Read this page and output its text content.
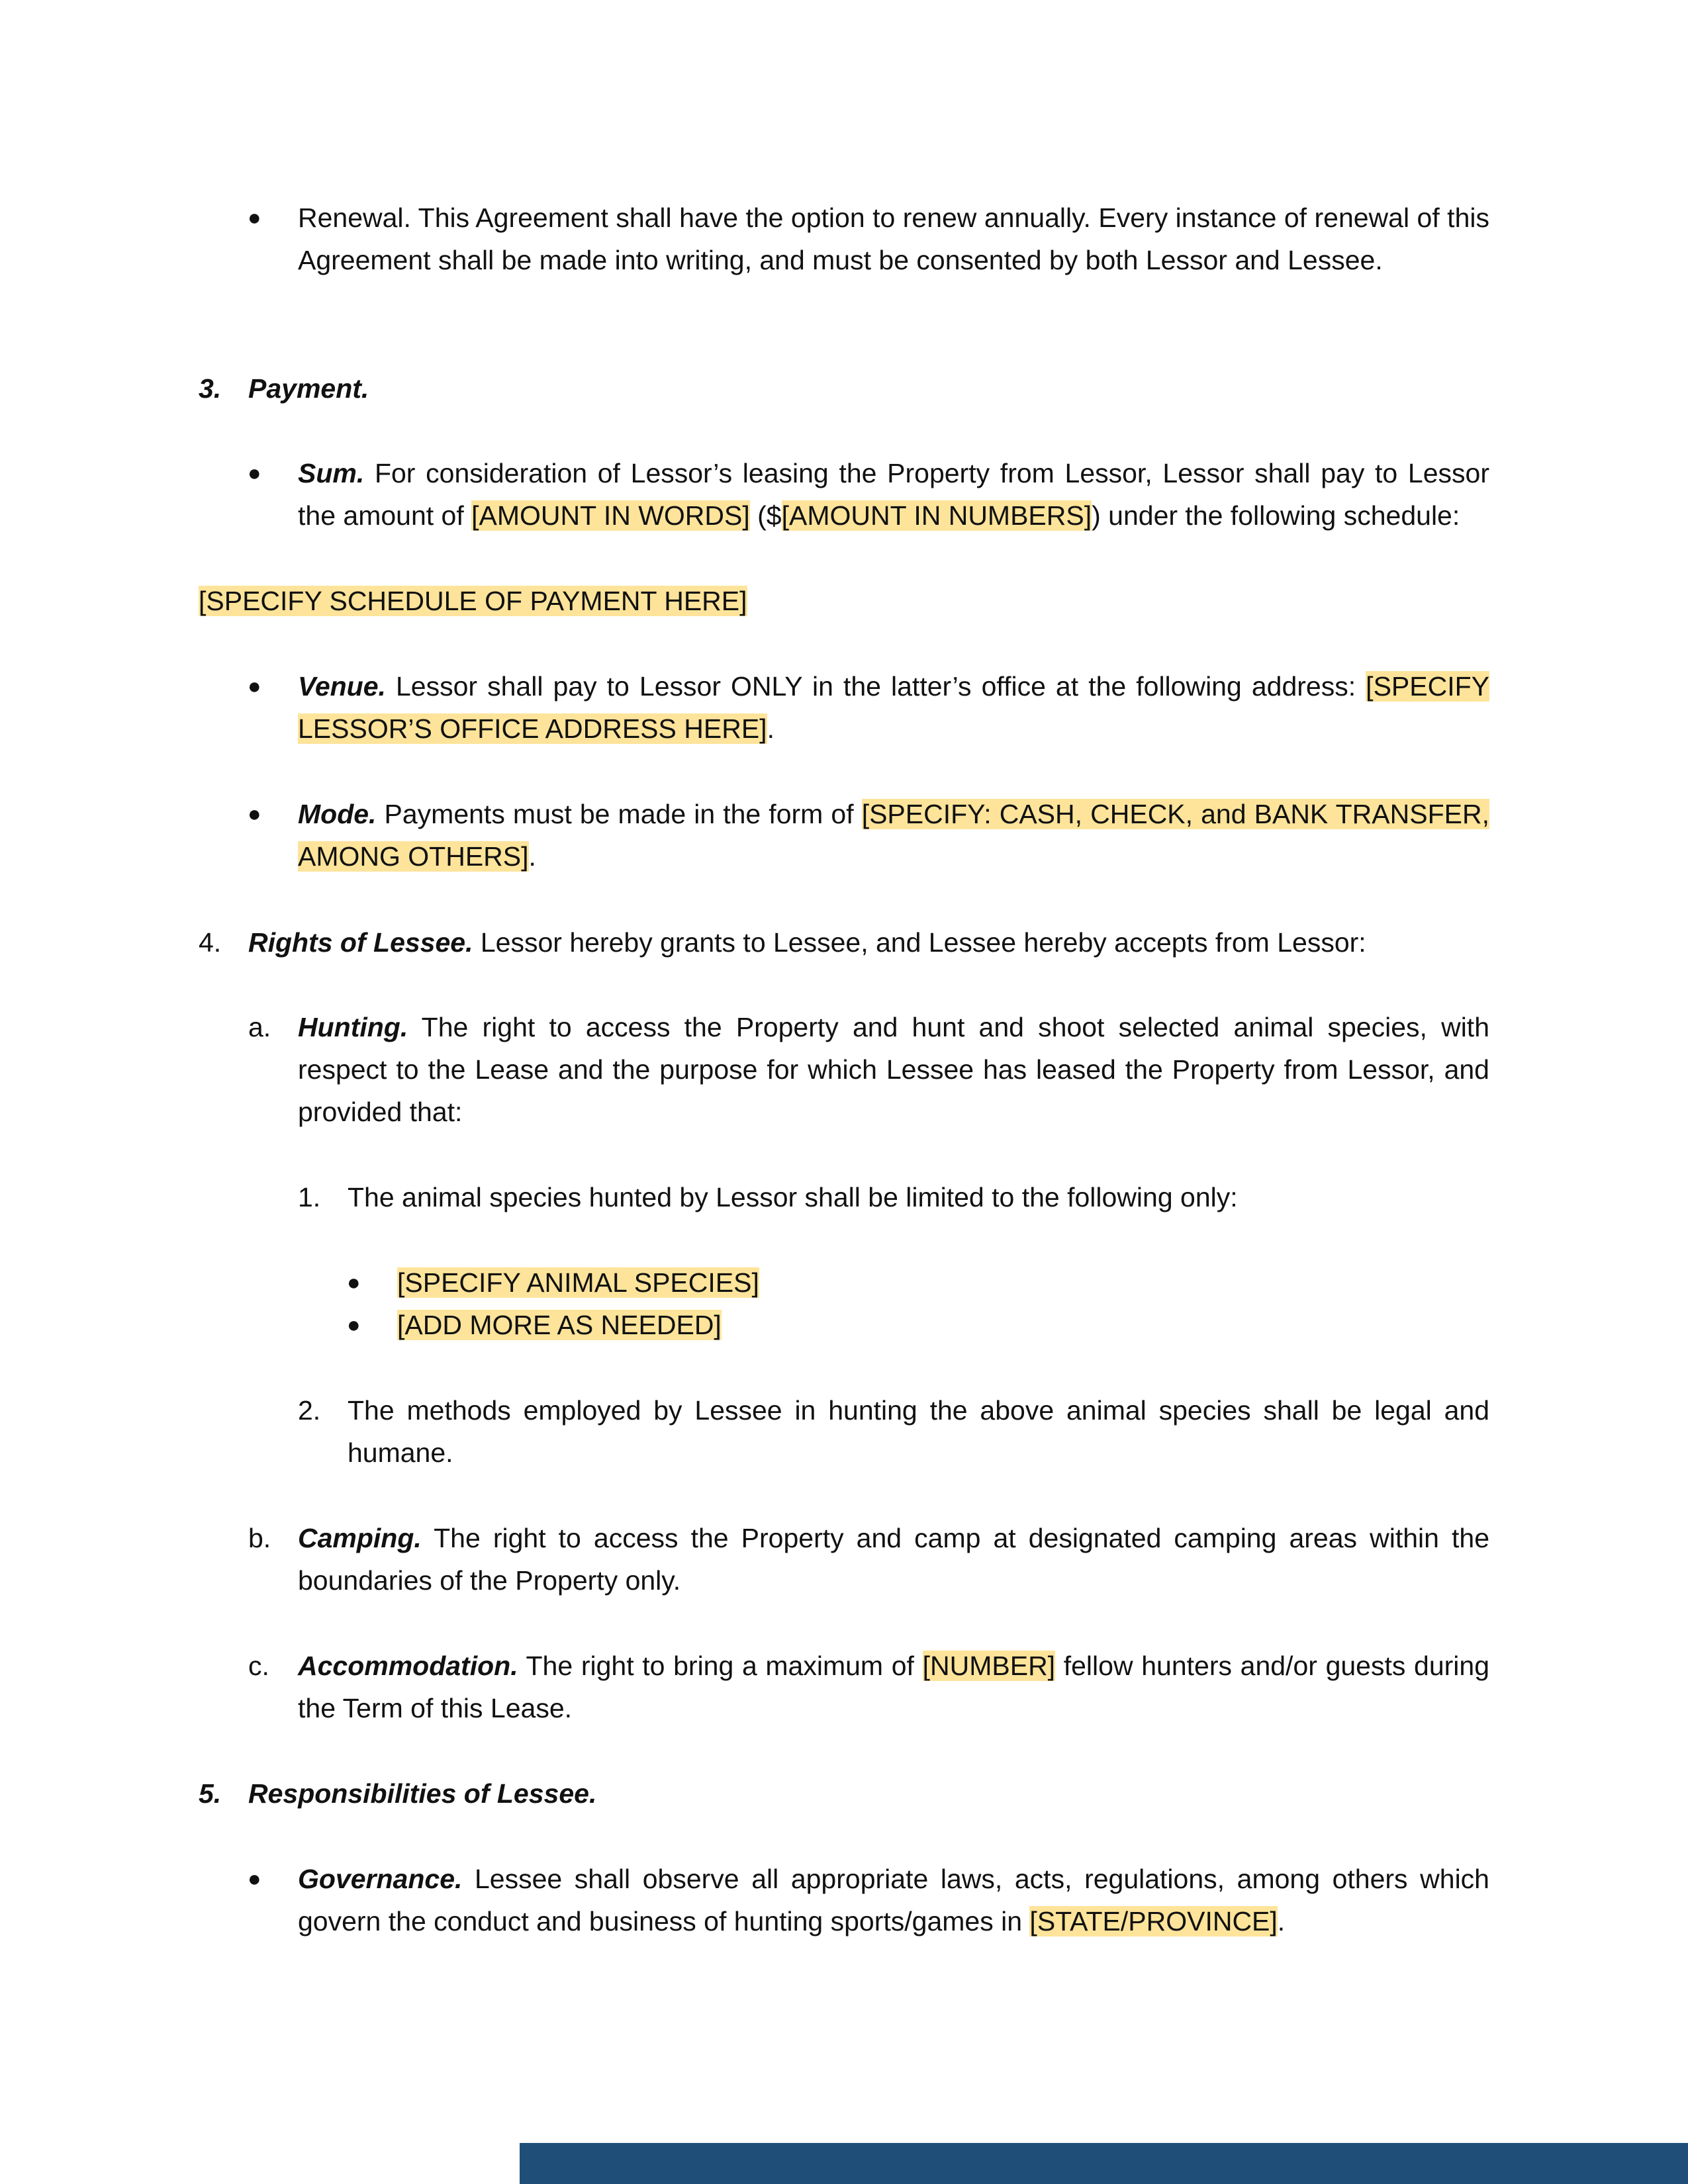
● Renewal. This Agreement shall have the option to renew annually. Every instance of renewal of this Agreement shall be made into writing, and must be consented by both Lessor and Lessee.
3. Payment.
● Sum. For consideration of Lessor’s leasing the Property from Lessor, Lessor shall pay to Lessor the amount of [AMOUNT IN WORDS] ($[AMOUNT IN NUMBERS]) under the following schedule:
[SPECIFY SCHEDULE OF PAYMENT HERE]
● Venue. Lessor shall pay to Lessor ONLY in the latter’s office at the following address: [SPECIFY LESSOR’S OFFICE ADDRESS HERE].
● Mode. Payments must be made in the form of [SPECIFY: CASH, CHECK, and BANK TRANSFER, AMONG OTHERS].
4. Rights of Lessee. Lessor hereby grants to Lessee, and Lessee hereby accepts from Lessor:
a. Hunting. The right to access the Property and hunt and shoot selected animal species, with respect to the Lease and the purpose for which Lessee has leased the Property from Lessor, and provided that:
1. The animal species hunted by Lessor shall be limited to the following only:
● [SPECIFY ANIMAL SPECIES]
● [ADD MORE AS NEEDED]
2. The methods employed by Lessee in hunting the above animal species shall be legal and humane.
b. Camping. The right to access the Property and camp at designated camping areas within the boundaries of the Property only.
c. Accommodation. The right to bring a maximum of [NUMBER] fellow hunters and/or guests during the Term of this Lease.
5. Responsibilities of Lessee.
● Governance. Lessee shall observe all appropriate laws, acts, regulations, among others which govern the conduct and business of hunting sports/games in [STATE/PROVINCE].
